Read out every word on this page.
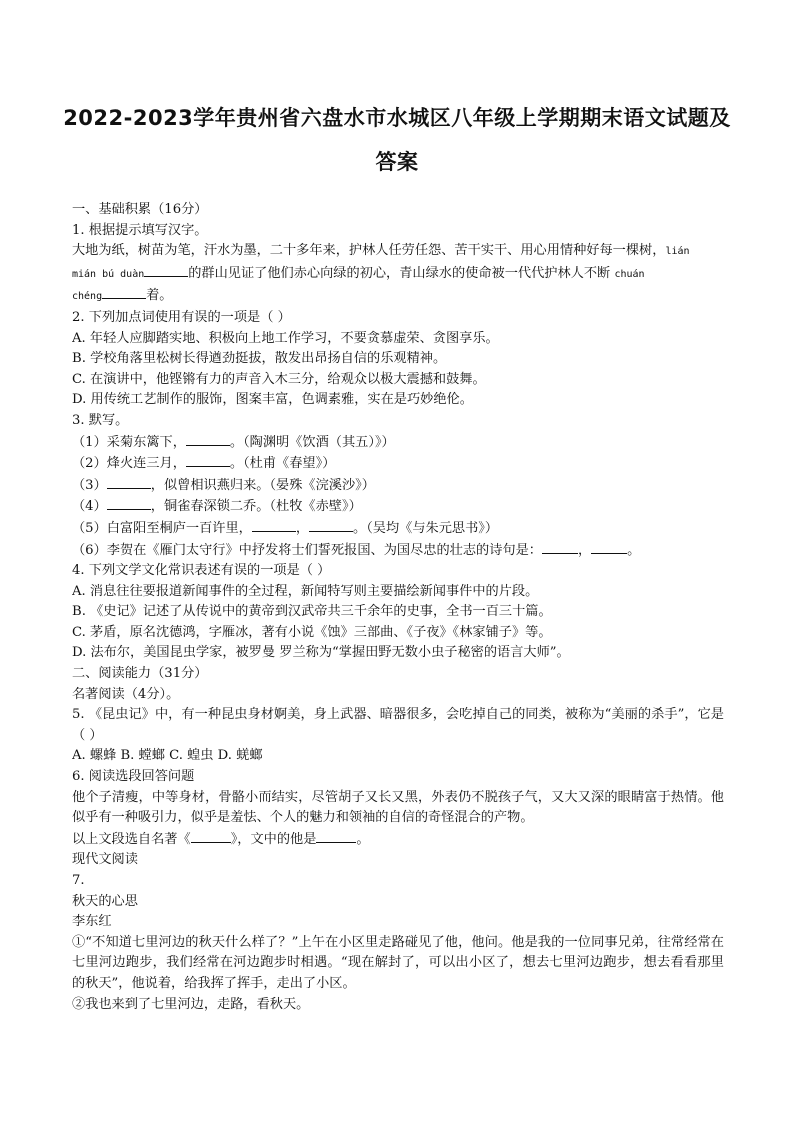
2022-2023学年贵州省六盘水市水城区八年级上学期期末语文试题及
答案
一、基础积累（16分）
1. 根据提示填写汉字。
大地为纸，树苗为笔，汗水为墨，二十多年来，护林人任劳任怨、苦干实干、用心用情种好每一棵树，lián
mián bú duàn	的群山见证了他们赤心向绿的初心，青山绿水的使命被一代代护林人不断 chuán
chéng	着。
2. 下列加点词使用有误的一项是（ ）
A. 年轻人应脚踏实地、积极向上地工作学习，不要贪慕虚荣、贪图享乐。
B. 学校角落里松树长得遒劲挺拔，散发出昂扬自信的乐观精神。
C. 在演讲中，他铿锵有力的声音入木三分，给观众以极大震撼和鼓舞。
D. 用传统工艺制作的服饰，图案丰富，色调素雅，实在是巧妙绝伦。
3. 默写。
（1）采菊东篱下，	。（陶渊明《饮酒（其五）》）
（2）烽火连三月，	。（杜甫《春望》）
（3）	，似曾相识燕归来。（晏殊《浣溪沙》）
（4）	，铜雀春深锁二乔。（杜牧《赤壁》）
（5）白富阳至桐庐一百许里，	，	。（吴均《与朱元思书》）
（6）李贺在《雁门太守行》中抒发将士们誓死报国、为国尽忠的壮志的诗句是：	，	。
4. 下列文学文化常识表述有误的一项是（ ）
A. 消息往往要报道新闻事件的全过程，新闻特写则主要描绘新闻事件中的片段。
B. 《史记》记述了从传说中的黄帝到汉武帝共三千余年的史事，全书一百三十篇。
C. 茅盾，原名沈德鸿，字雁冰，著有小说《蚀》三部曲、《子夜》《林家铺子》等。
D. 法布尔，美国昆虫学家，被罗曼 罗兰称为“掌握田野无数小虫子秘密的语言大师”。
二、阅读能力（31分）
名著阅读（4分）。
5. 《昆虫记》中，有一种昆虫身材婀美，身上武器、暗器很多，会吃掉自己的同类，被称为“美丽的杀手”，它是（ ）
A. 螺蜂 B. 螳螂 C. 蝗虫 D. 蜣螂
6. 阅读选段回答问题
他个子清瘦，中等身材，骨骼小而结实，尽管胡子又长又黑，外表仍不脱孩子气，又大又深的眼睛富于热情。他似乎有一种吸引力，似乎是羞怯、个人的魅力和领袖的自信的奇怪混合的产物。
以上文段选自名著《	》，文中的他是	。
现代文阅读
7.
秋天的心思
李东红
①“不知道七里河边的秋天什么样了？”上午在小区里走路碰见了他，他问。他是我的一位同事兄弟，往常经常在七里河边跑步，我们经常在河边跑步时相遇。“现在解封了，可以出小区了，想去七里河边跑步，想去看看那里的秋天”，他说着，给我挥了挥手，走出了小区。
②我也来到了七里河边，走路，看秋天。
